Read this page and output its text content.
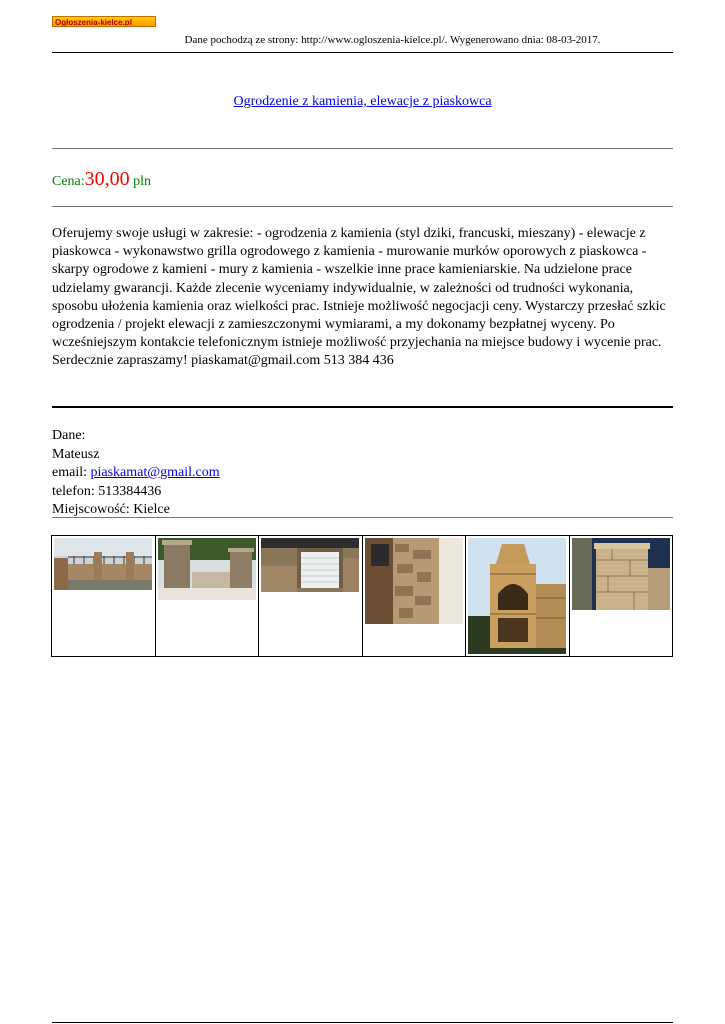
Ogłoszenia-kielce.pl
Dane pochodzą ze strony: http://www.ogloszenia-kielce.pl/. Wygenerowano dnia: 08-03-2017.
Ogrodzenie z kamienia, elewacje z piaskowca
Cena:30,00 pln
Oferujemy swoje usługi w zakresie: - ogrodzenia z kamienia (styl dziki, francuski, mieszany) - elewacje z piaskowca - wykonawstwo grilla ogrodowego z kamienia - murowanie murków oporowych z piaskowca - skarpy ogrodowe z kamieni - mury z kamienia - wszelkie inne prace kamieniarskie. Na udzielone prace udzielamy gwarancji. Każde zlecenie wyceniamy indywidualnie, w zależności od trudności wykonania, sposobu ułożenia kamienia oraz wielkości prac. Istnieje możliwość negocjacji ceny. Wystarczy przesłać szkic ogrodzenia / projekt elewacji z zamieszczonymi wymiarami, a my dokonamy bezpłatnej wyceny. Po wcześniejszym kontakcie telefonicznym istnieje możliwość przyjechania na miejsce budowy i wycenie prac. Serdecznie zapraszamy! piaskamat@gmail.com 513 384 436
Dane:
Mateusz
email: piaskamat@gmail.com
telefon: 513384436
Miejscowość: Kielce
